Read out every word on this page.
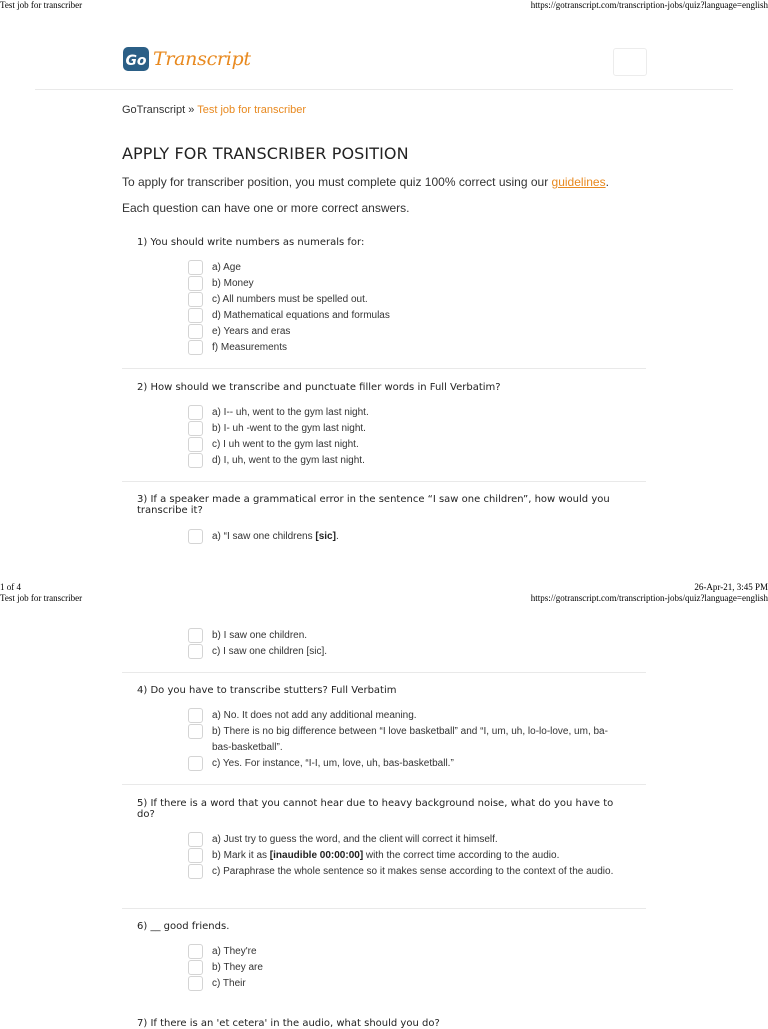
Test job for transcriber	https://gotranscript.com/transcription-jobs/quiz?language=english
Go Transcript
GoTranscript » Test job for transcriber
APPLY FOR TRANSCRIBER POSITION
To apply for transcriber position, you must complete quiz 100% correct using our guidelines.
Each question can have one or more correct answers.
1) You should write numbers as numerals for:
a) Age
b) Money
c) All numbers must be spelled out.
d) Mathematical equations and formulas
e) Years and eras
f) Measurements
2) How should we transcribe and punctuate filler words in Full Verbatim?
a) I-- uh, went to the gym last night.
b) I- uh -went to the gym last night.
c) I uh went to the gym last night.
d) I, uh, went to the gym last night.
3) If a speaker made a grammatical error in the sentence “I saw one children”, how would you transcribe it?
a) “I saw one childrens [sic].
1 of 4	26-Apr-21, 3:45 PM
Test job for transcriber	https://gotranscript.com/transcription-jobs/quiz?language=english
b) I saw one children.
c) I saw one children [sic].
4) Do you have to transcribe stutters? Full Verbatim
a) No. It does not add any additional meaning.
b) There is no big difference between “I love basketball” and “I, um, uh, lo-lo-love, um, ba-bas-basketball”.
c) Yes. For instance, “I-I, um, love, uh, bas-basketball.”
5) If there is a word that you cannot hear due to heavy background noise, what do you have to do?
a) Just try to guess the word, and the client will correct it himself.
b) Mark it as [inaudible 00:00:00] with the correct time according to the audio.
c) Paraphrase the whole sentence so it makes sense according to the context of the audio.
6) __ good friends.
a) They're
b) They are
c) Their
7) If there is an 'et cetera' in the audio, what should you do?
